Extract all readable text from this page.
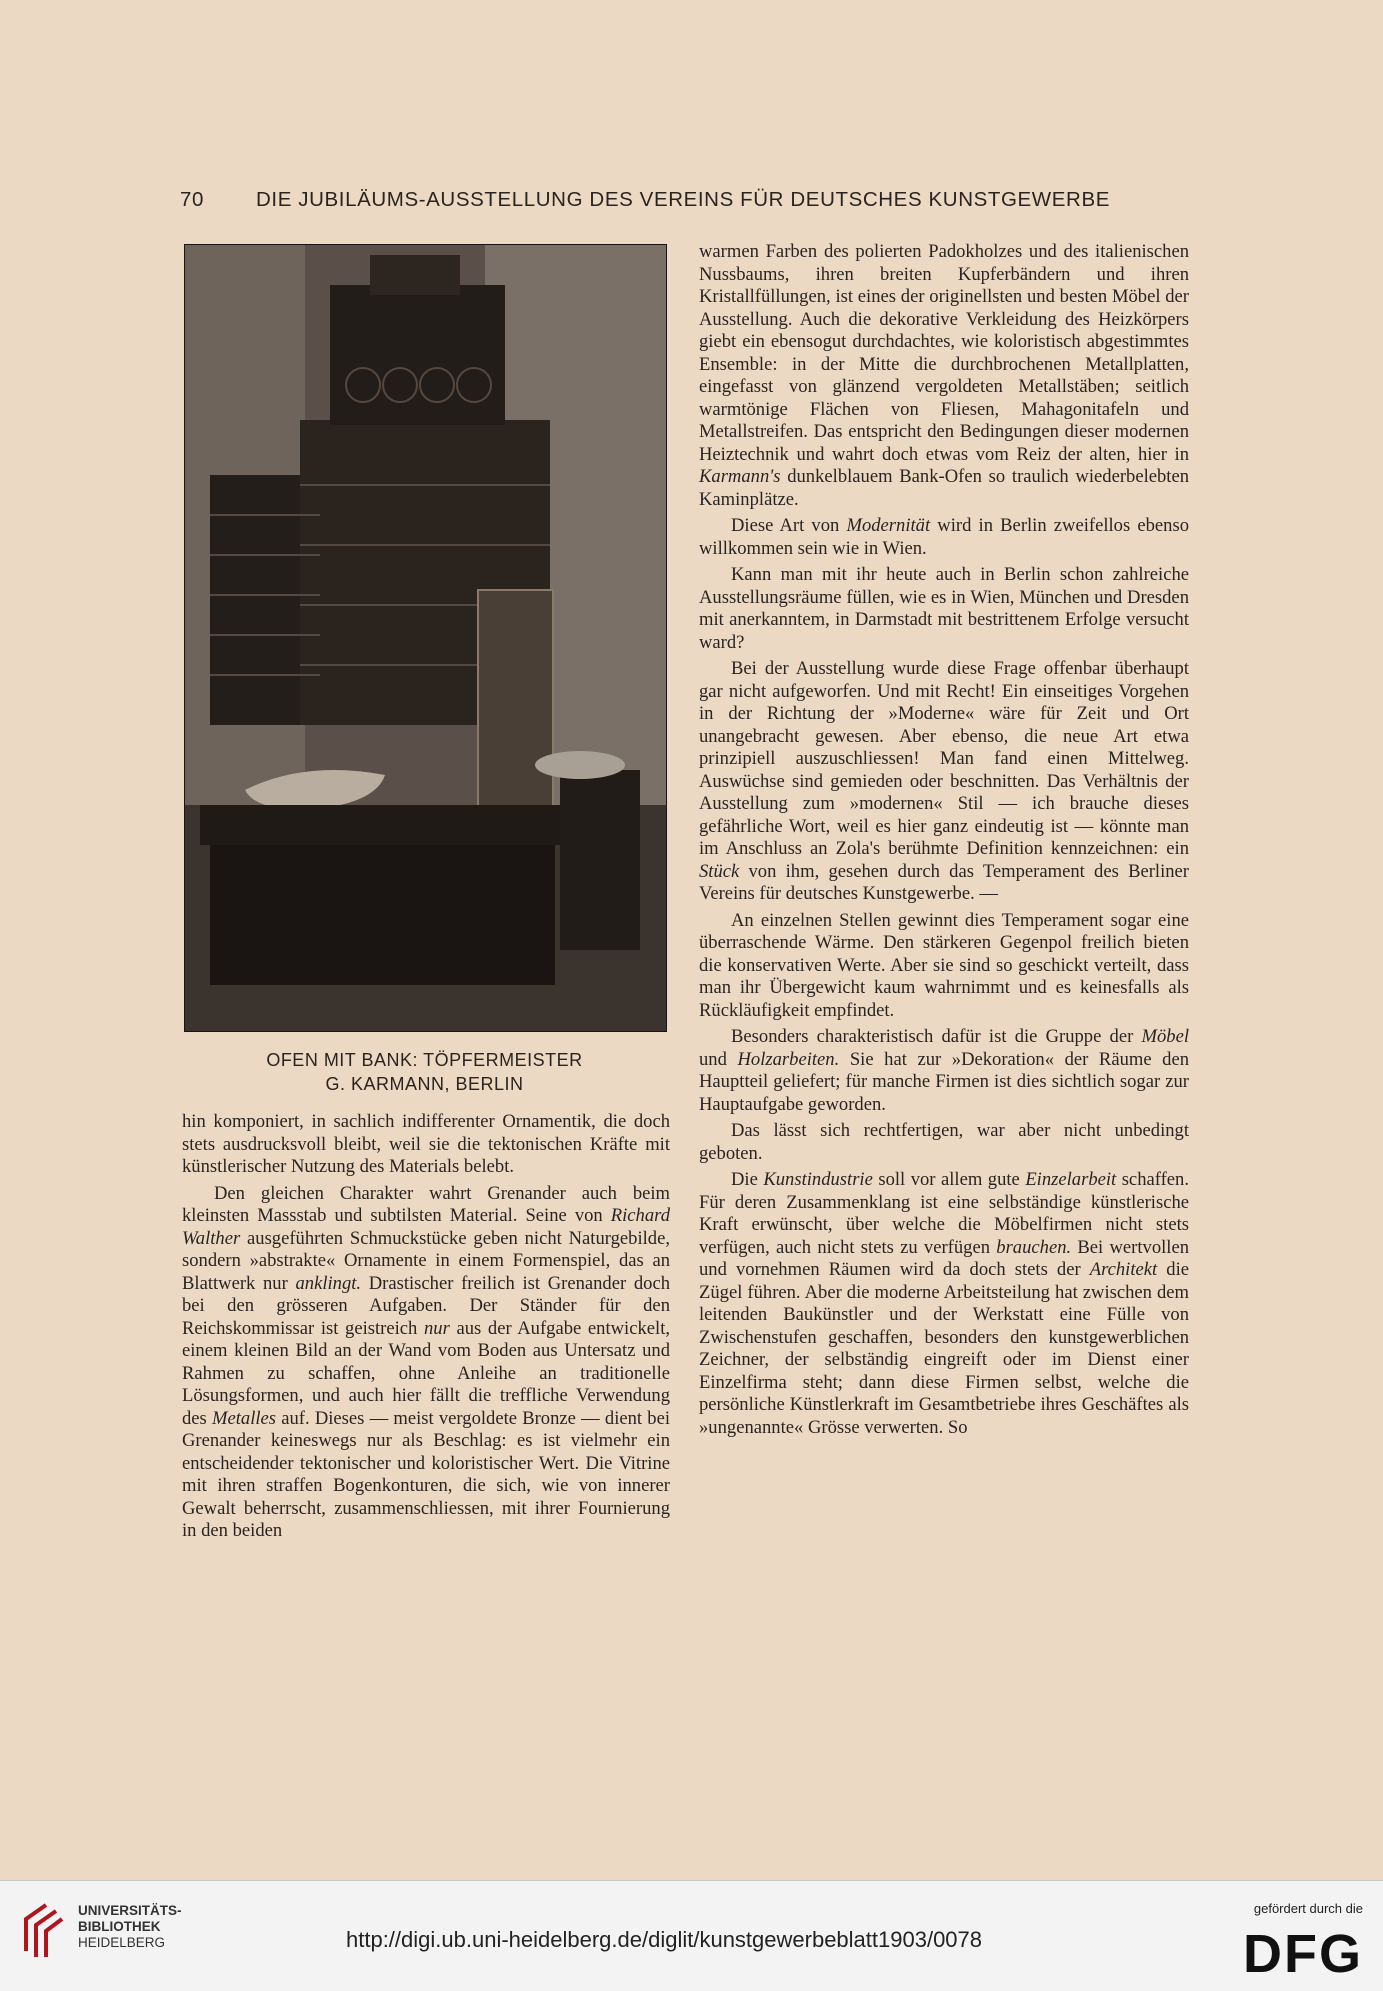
70	DIE JUBILÄUMS-AUSSTELLUNG DES VEREINS FÜR DEUTSCHES KUNSTGEWERBE
OFEN MIT BANK: TÖPFERMEISTER
G. KARMANN, BERLIN

hin komponiert, in sachlich indifferenter Ornamentik, die doch stets ausdrucksvoll bleibt, weil sie die tektonischen Kräfte mit künstlerischer Nutzung des Materials belebt.

Den gleichen Charakter wahrt Grenander auch beim kleinsten Massstab und subtilsten Material. Seine von Richard Walther ausgeführten Schmuckstücke geben nicht Naturgebilde, sondern »abstrakte« Ornamente in einem Formenspiel, das an Blattwerk nur anklingt. Drastischer freilich ist Grenander doch bei den grösseren Aufgaben. Der Ständer für den Reichskommissar ist geistreich nur aus der Aufgabe entwickelt, einem kleinen Bild an der Wand vom Boden aus Untersatz und Rahmen zu schaffen, ohne Anleihe an traditionelle Lösungsformen, und auch hier fällt die treffliche Verwendung des Metalles auf. Dieses — meist vergoldete Bronze — dient bei Grenander keineswegs nur als Beschlag: es ist vielmehr ein entscheidender tektonischer und koloristischer Wert. Die Vitrine mit ihren straffen Bogenkonturen, die sich, wie von innerer Gewalt beherrscht, zusammenschliessen, mit ihrer Fournierung in den beiden

warmen Farben des polierten Padokholzes und des italienischen Nussbaums, ihren breiten Kupferbändern und ihren Kristallfüllungen, ist eines der originellsten und besten Möbel der Ausstellung. Auch die dekorative Verkleidung des Heizkörpers giebt ein ebensogut durchdachtes, wie koloristisch abgestimmtes Ensemble: in der Mitte die durchbrochenen Metallplatten, eingefasst von glänzend vergoldeten Metallstäben; seitlich warmtönige Flächen von Fliesen, Mahagonitafeln und Metallstreifen. Das entspricht den Bedingungen dieser modernen Heiztechnik und wahrt doch etwas vom Reiz der alten, hier in Karmann's dunkelblauem Bank-Ofen so traulich wiederbelebten Kaminplätze.

Diese Art von Modernität wird in Berlin zweifellos ebenso willkommen sein wie in Wien.

Kann man mit ihr heute auch in Berlin schon zahlreiche Ausstellungsräume füllen, wie es in Wien, München und Dresden mit anerkanntem, in Darmstadt mit bestrittenem Erfolge versucht ward?

Bei der Ausstellung wurde diese Frage offenbar überhaupt gar nicht aufgeworfen. Und mit Recht! Ein einseitiges Vorgehen in der Richtung der »Moderne« wäre für Zeit und Ort unangebracht gewesen. Aber ebenso, die neue Art etwa prinzipiell auszuschliessen! Man fand einen Mittelweg. Auswüchse sind gemieden oder beschnitten. Das Verhältnis der Ausstellung zum »modernen« Stil — ich brauche dieses gefährliche Wort, weil es hier ganz eindeutig ist — könnte man im Anschluss an Zola's berühmte Definition kennzeichnen: ein Stück von ihm, gesehen durch das Temperament des Berliner Vereins für deutsches Kunstgewerbe. —

An einzelnen Stellen gewinnt dies Temperament sogar eine überraschende Wärme. Den stärkeren Gegenpol freilich bieten die konservativen Werte. Aber sie sind so geschickt verteilt, dass man ihr Übergewicht kaum wahrnimmt und es keinesfalls als Rückläufigkeit empfindet.

Besonders charakteristisch dafür ist die Gruppe der Möbel und Holzarbeiten. Sie hat zur »Dekoration« der Räume den Hauptteil geliefert; für manche Firmen ist dies sichtlich sogar zur Hauptaufgabe geworden.

Das lässt sich rechtfertigen, war aber nicht unbedingt geboten.

Die Kunstindustrie soll vor allem gute Einzelarbeit schaffen. Für deren Zusammenklang ist eine selbständige künstlerische Kraft erwünscht, über welche die Möbelfirmen nicht stets verfügen, auch nicht stets zu verfügen brauchen. Bei wertvollen und vornehmen Räumen wird da doch stets der Architekt die Zügel führen. Aber die moderne Arbeitsteilung hat zwischen dem leitenden Baukünstler und der Werkstatt eine Fülle von Zwischenstufen geschaffen, besonders den kunstgewerblichen Zeichner, der selbständig eingreift oder im Dienst einer Einzelfirma steht; dann diese Firmen selbst, welche die persönliche Künstlerkraft im Gesamtbetriebe ihres Geschäftes als »ungenannte« Grösse verwerten. So

UNIVERSITÄTS-
BIBLIOTHEK
HEIDELBERG	http://digi.ub.uni-heidelberg.de/diglit/kunstgewerbeblatt1903/0078
gefördert durch die
DFG
